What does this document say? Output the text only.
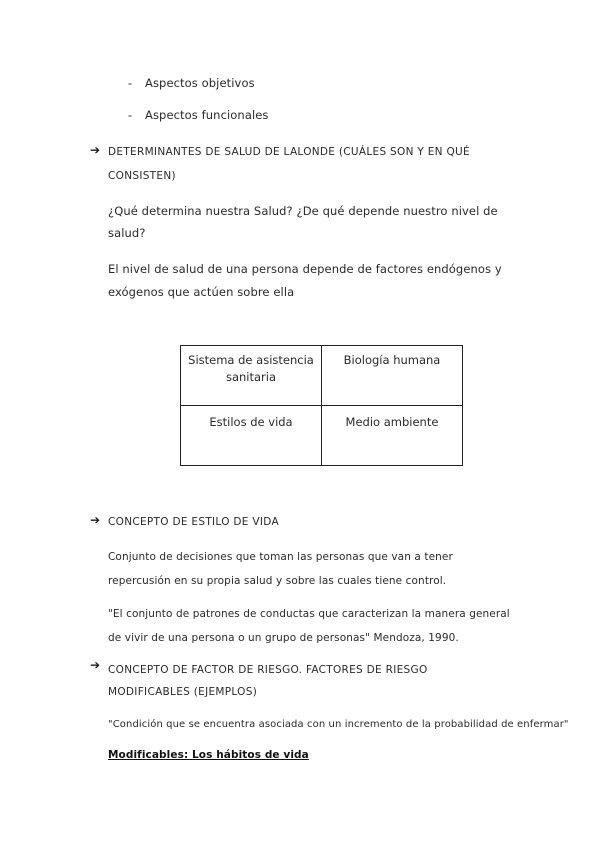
- Aspectos objetivos
- Aspectos funcionales
➔ DETERMINANTES DE SALUD DE LALONDE (CUÁLES SON Y EN QUÉ
CONSISTEN)
¿Qué determina nuestra Salud? ¿De qué depende nuestro nivel de salud?
El nivel de salud de una persona depende de factores endógenos y exógenos que actúen sobre ella
Sistema de asistencia sanitaria	Biología humana
Estilos de vida	Medio ambiente
➔ CONCEPTO DE ESTILO DE VIDA
Conjunto de decisiones que toman las personas que van a tener repercusión en su propia salud y sobre las cuales tiene control.
"El conjunto de patrones de conductas que caracterizan la manera general de vivir de una persona o un grupo de personas" Mendoza, 1990.
➔ CONCEPTO DE FACTOR DE RIESGO. FACTORES DE RIESGO MODIFICABLES (EJEMPLOS)
"Condición que se encuentra asociada con un incremento de la probabilidad de enfermar"
Modificables: Los hábitos de vida
